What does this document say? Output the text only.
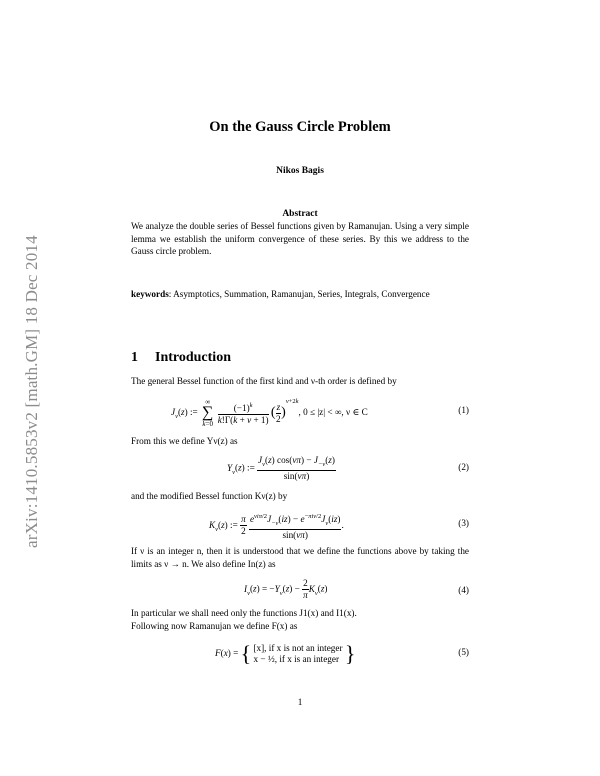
arXiv:1410.5853v2 [math.GM] 18 Dec 2014
On the Gauss Circle Problem
Nikos Bagis
Abstract
We analyze the double series of Bessel functions given by Ramanujan. Using a very simple lemma we establish the uniform convergence of these series. By this we address to the Gauss circle problem.
keywords: Asymptotics, Summation, Ramanujan, Series, Integrals, Convergence
1 Introduction
The general Bessel function of the first kind and ν-th order is defined by
$J_\nu(z)$ := ∞
∑
$k=0 \frac{(-1)^k}{k!\Gamma(k + \nu + 1)}$ ( $\frac{z}{2} )^{\nu+2k}$, 0 ≤ |z| < ∞, ν ∈ C	(1)
From this we define Yν(z) as
$Y_\nu(z)$ := $\frac{J_\nu(z) \cos(\nu\pi) - J_{-\nu}(z)}{\sin(\nu\pi)}$	(2)
and the modified Bessel function Kν(z) by
$K_\nu(z)$ := $\frac{\pi}{2}$
$\frac{e^{\nu i\pi/2}J_{-\nu}(iz) - e^{-\pi i\nu/2}J_\nu(iz)}{\sin(\nu\pi)}$ .	(3)
If ν is an integer n, then it is understood that we define the functions above by taking the limits as ν → n. We also define In(z) as
$I_\nu(z) = -Y_\nu(z) - \frac{2}{\pi} K_\nu(z)$	(4)
In particular we shall need only the functions J1(x) and I1(x).
Following now Ramanujan we define F(x) as
F(x) = { [x], if x is not an integer
x − ½, if x is an integer }	(5)
1
